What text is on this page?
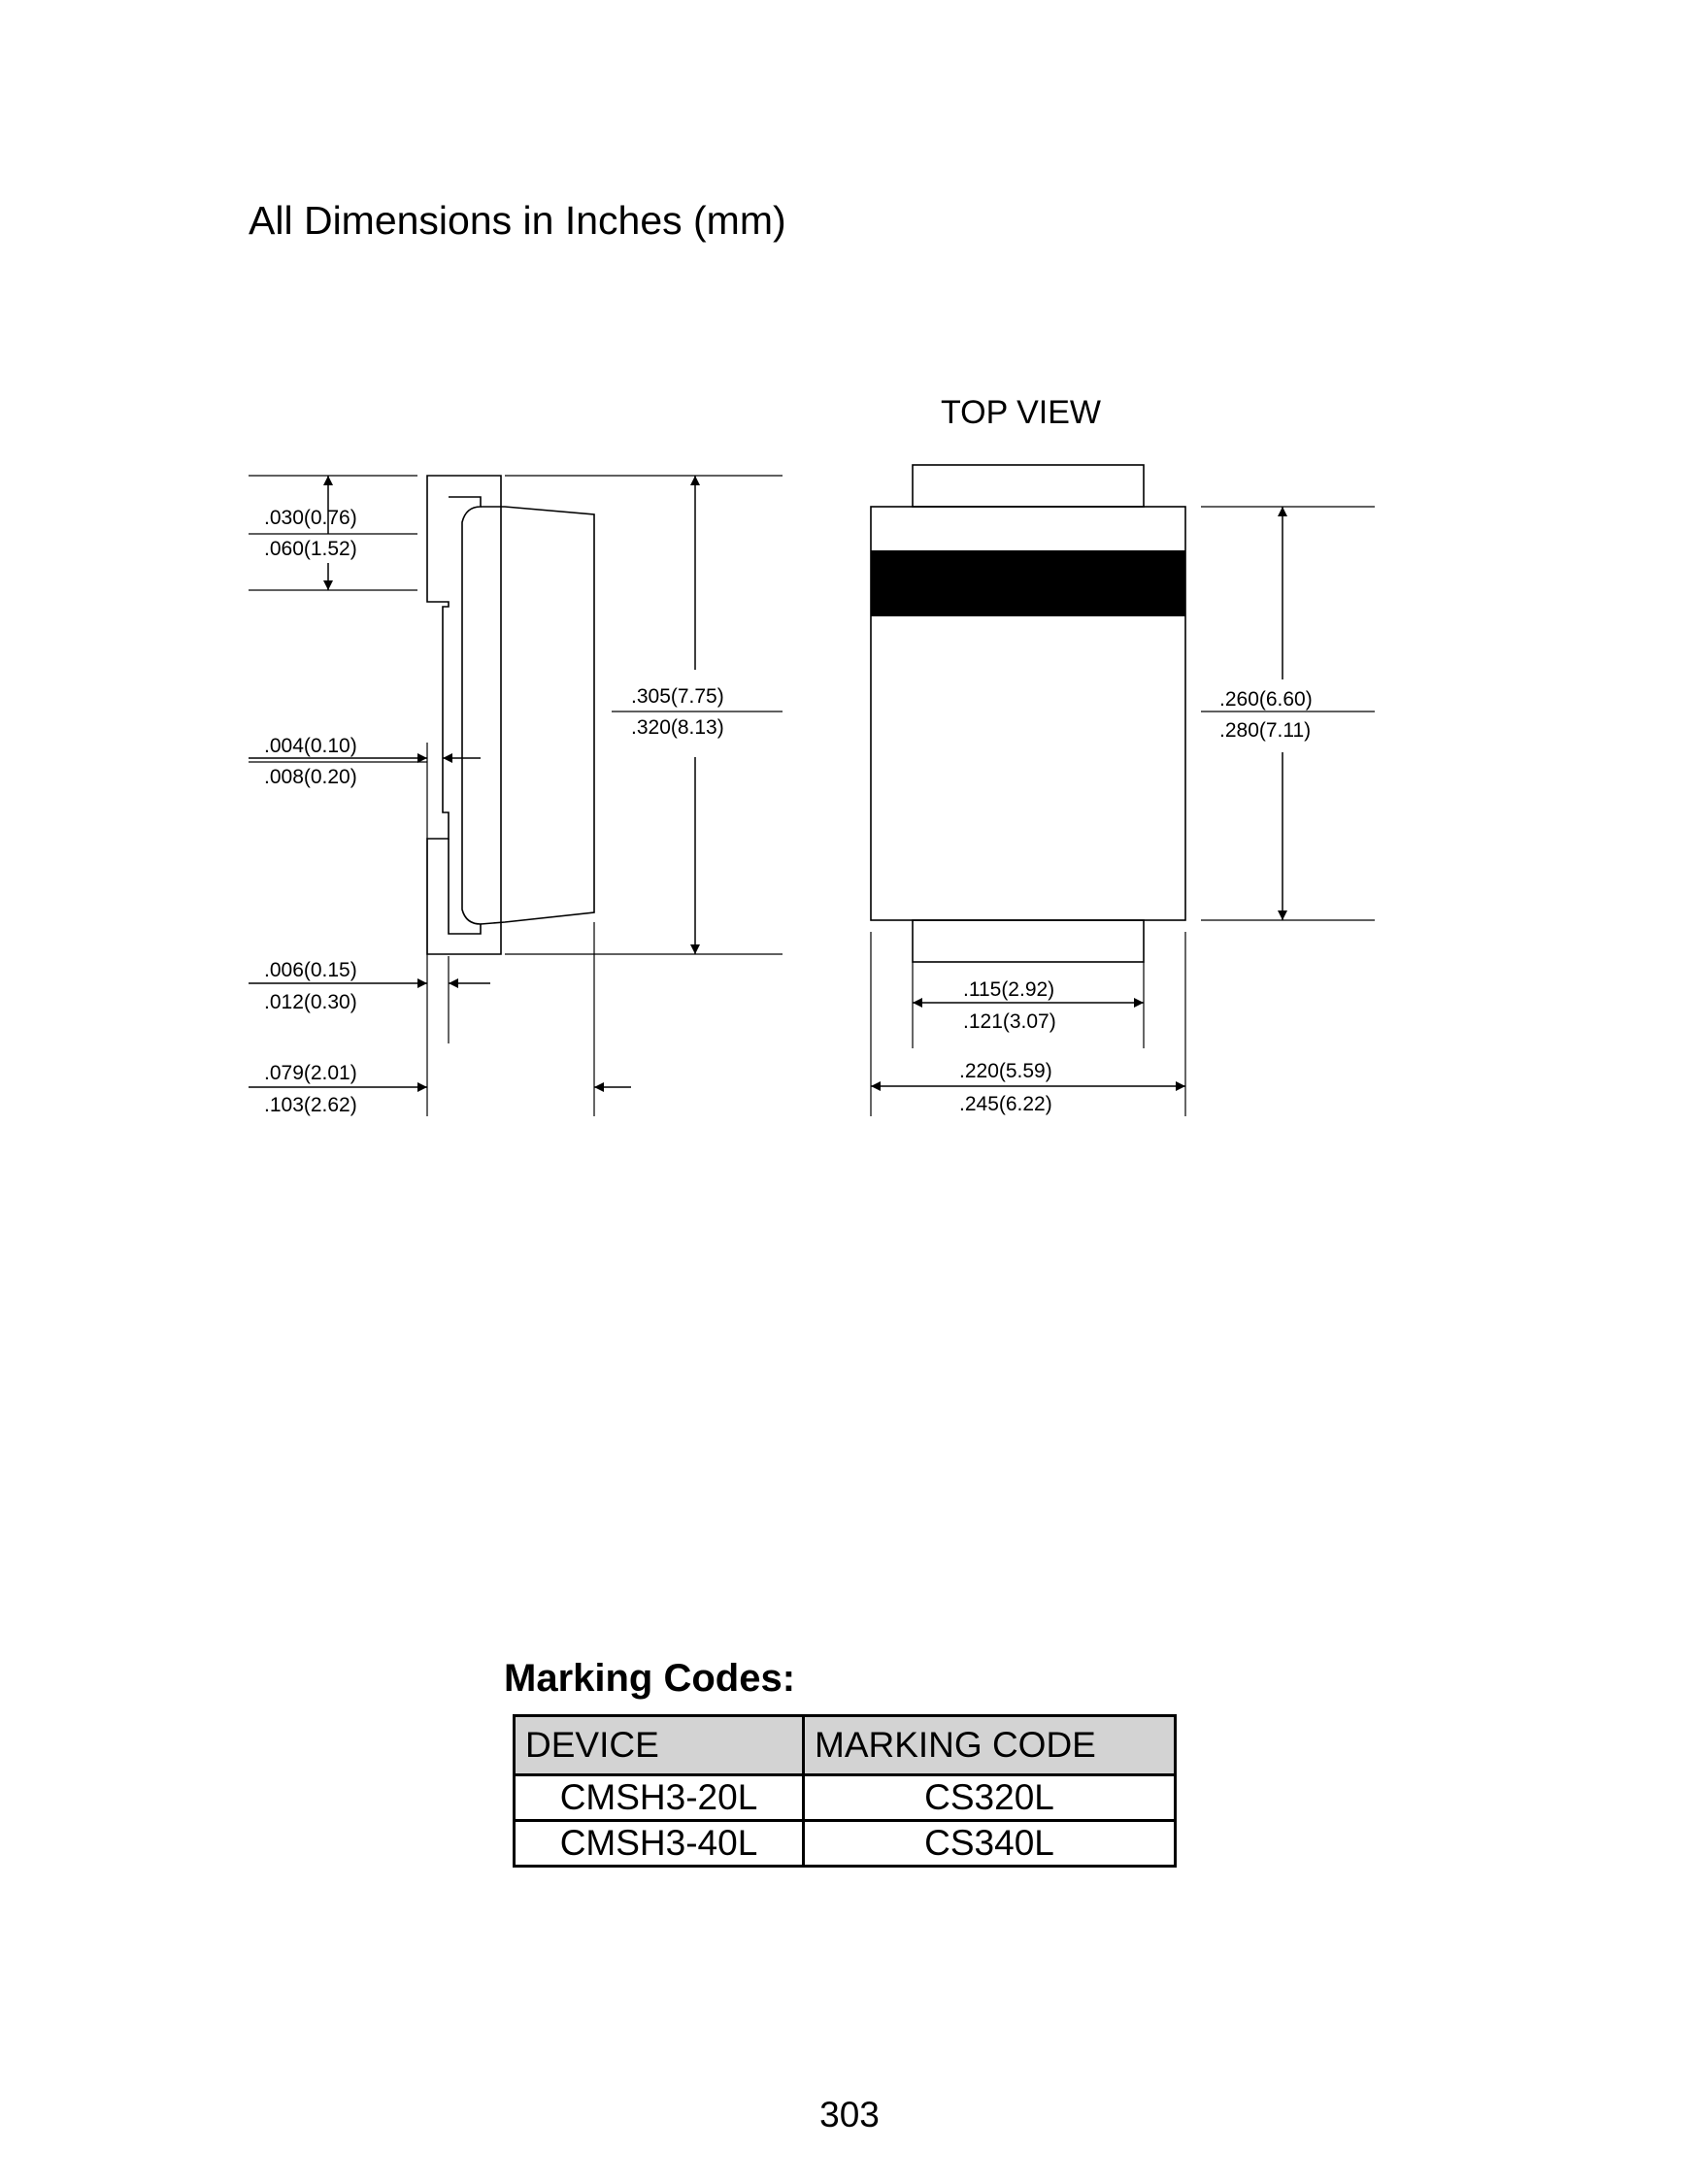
All Dimensions in Inches (mm)
.030(0.76)
.060(1.52)
.004(0.10)
.008(0.20)
.305(7.75)
.320(8.13)
.006(0.15)
.012(0.30)
.079(2.01)
.103(2.62)
TOP VIEW
.260(6.60)
.280(7.11)
.115(2.92)
.121(3.07)
.220(5.59)
.245(6.22)
Marking Codes:
DEVICE	MARKING CODE
CMSH3-20L	CS320L
CMSH3-40L	CS340L
303
